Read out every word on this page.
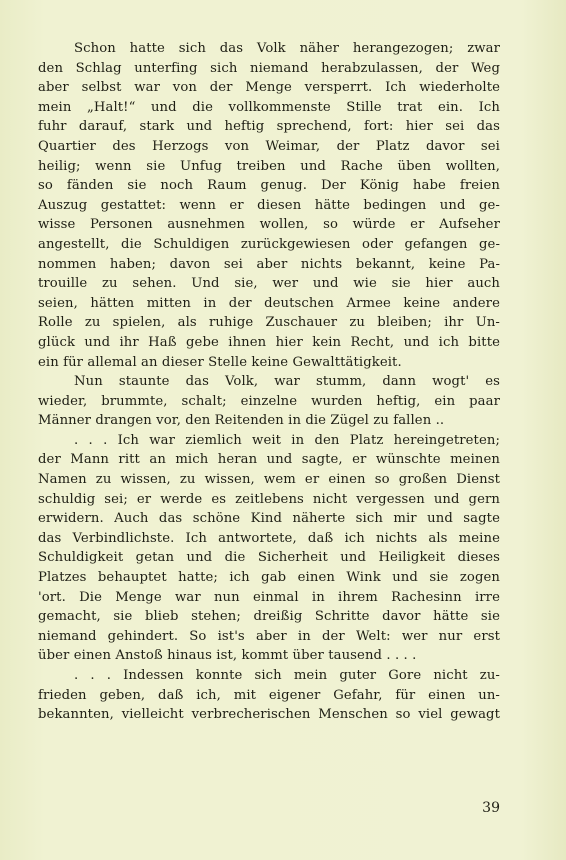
Schon hatte sich das Volk näher herangezogen; zwar
den Schlag unterfing sich niemand herabzulassen, der Weg
aber selbst war von der Menge versperrt. Ich wiederholte
mein „Halt!“ und die vollkommenste Stille trat ein. Ich
fuhr darauf, stark und heftig sprechend, fort: hier sei das
Quartier des Herzogs von Weimar, der Platz davor sei
heilig; wenn sie Unfug treiben und Rache üben wollten,
so fänden sie noch Raum genug. Der König habe freien
Auszug gestattet: wenn er diesen hätte bedingen und ge-
wisse Personen ausnehmen wollen, so würde er Aufseher
angestellt, die Schuldigen zurückgewiesen oder gefangen ge-
nommen haben; davon sei aber nichts bekannt, keine Pa-
trouille zu sehen. Und sie, wer und wie sie hier auch
seien, hätten mitten in der deutschen Armee keine andere
Rolle zu spielen, als ruhige Zuschauer zu bleiben; ihr Un-
glück und ihr Haß gebe ihnen hier kein Recht, und ich bitte
ein für allemal an dieser Stelle keine Gewalttätigkeit.
Nun staunte das Volk, war stumm, dann wogt' es
wieder, brummte, schalt; einzelne wurden heftig, ein paar
Männer drangen vor, den Reitenden in die Zügel zu fallen ..
. . . Ich war ziemlich weit in den Platz hereingetreten;
der Mann ritt an mich heran und sagte, er wünschte meinen
Namen zu wissen, zu wissen, wem er einen so großen Dienst
schuldig sei; er werde es zeitlebens nicht vergessen und gern
erwidern. Auch das schöne Kind näherte sich mir und sagte
das Verbindlichste. Ich antwortete, daß ich nichts als meine
Schuldigkeit getan und die Sicherheit und Heiligkeit dieses
Platzes behauptet hatte; ich gab einen Wink und sie zogen
'ort. Die Menge war nun einmal in ihrem Rachesinn irre
gemacht, sie blieb stehen; dreißig Schritte davor hätte sie
niemand gehindert. So ist's aber in der Welt: wer nur erst
über einen Anstoß hinaus ist, kommt über tausend . . . .
. . . Indessen konnte sich mein guter Gore nicht zu-
frieden geben, daß ich, mit eigener Gefahr, für einen un-
bekannten, vielleicht verbrecherischen Menschen so viel gewagt
39
